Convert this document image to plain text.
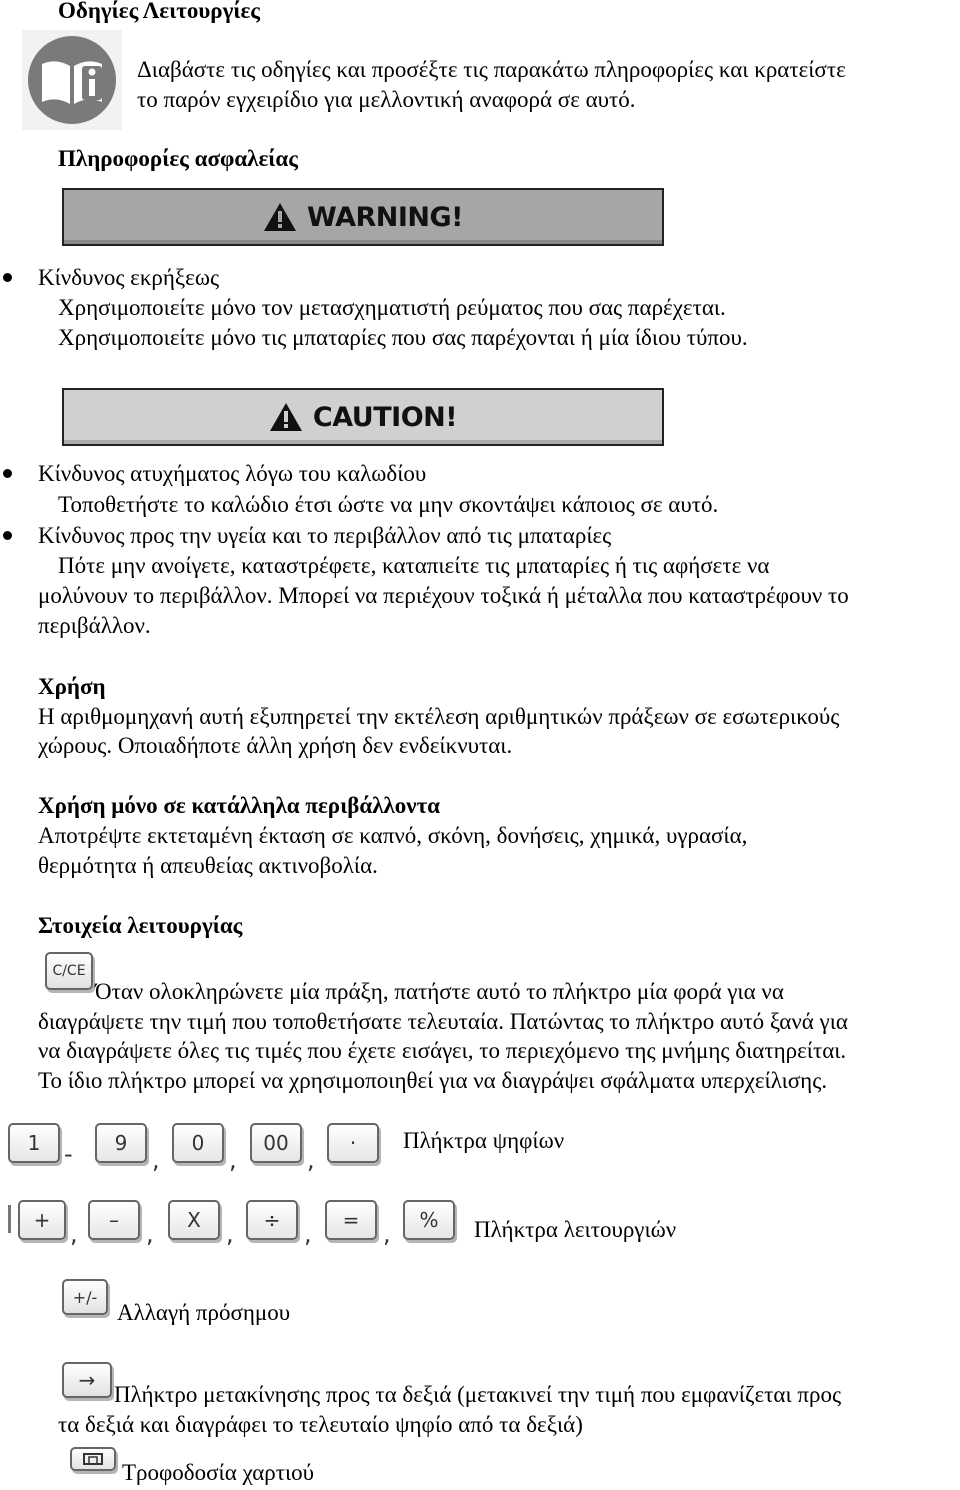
Οδηγίες Λειτουργίες
Διαβάστε τις οδηγίες και προσέξτε τις παρακάτω πληροφορίες και κρατείστε
το παρόν εγχειρίδιο για μελλοντική αναφορά σε αυτό.
Πληροφορίες ασφαλείας
WARNING!
Κίνδυνος εκρήξεως
Χρησιμοποιείτε μόνο τον μετασχηματιστή ρεύματος που σας παρέχεται.
Χρησιμοποιείτε μόνο τις μπαταρίες που σας παρέχονται ή μία ίδιου τύπου.
CAUTION!
Κίνδυνος ατυχήματος λόγω του καλωδίου
Τοποθετήστε το καλώδιο έτσι ώστε να μην σκοντάψει κάποιος σε αυτό.
Κίνδυνος προς την υγεία και το περιβάλλον από τις μπαταρίες
Πότε μην ανοίγετε, καταστρέφετε, καταπιείτε τις μπαταρίες ή τις αφήσετε να
μολύνουν το περιβάλλον. Μπορεί να περιέχουν τοξικά ή μέταλλα που καταστρέφουν το
περιβάλλον.
Χρήση
Η αριθμομηχανή αυτή εξυπηρετεί την εκτέλεση αριθμητικών πράξεων σε εσωτερικούς
χώρους. Οποιαδήποτε άλλη χρήση δεν ενδείκνυται.
Χρήση μόνο σε κατάλληλα περιβάλλοντα
Αποτρέψτε εκτεταμένη έκταση σε καπνό, σκόνη, δονήσεις, χημικά, υγρασία,
θερμότητα ή απευθείας ακτινοβολία.
Στοιχεία λειτουργίας
C/CE
Όταν ολοκληρώνετε μία πράξη, πατήστε αυτό το πλήκτρο μία φορά για να
διαγράψετε την τιμή που τοποθετήσατε τελευταία. Πατώντας το πλήκτρο αυτό ξανά για
να διαγράψετε όλες τις τιμές που έχετε εισάγει, το περιεχόμενο της μνήμης διατηρείται.
Το ίδιο πλήκτρο μπορεί να χρησιμοποιηθεί για να διαγράψει σφάλματα υπερχείλισης.
1 - 9
,
0
,
00
,
· Πλήκτρα ψηφίων
+ , – , X , ÷ , = , % Πλήκτρα λειτουργιών
+/-
Αλλαγή πρόσημου
→
Πλήκτρο μετακίνησης προς τα δεξιά (μετακινεί την τιμή που εμφανίζεται προς
τα δεξιά και διαγράφει το τελευταίο ψηφίο από τα δεξιά)
Τροφοδοσία χαρτιού
